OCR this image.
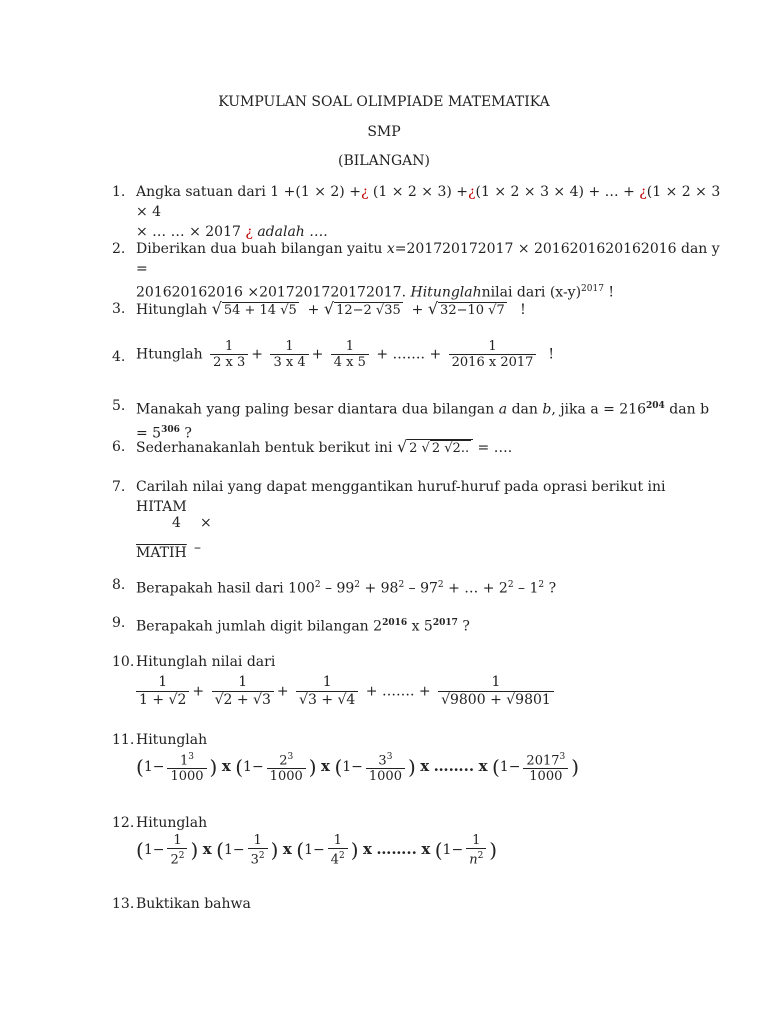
KUMPULAN SOAL OLIMPIADE MATEMATIKA
SMP
(BILANGAN)
1. Angka satuan dari 1 +(1 × 2) +¿ (1 × 2 × 3) +¿(1 × 2 × 3 × 4) + … + ¿(1 × 2 × 3 × 4
× … … × 2017 ¿ adalah ….
2. Diberikan dua buah bilangan yaitu x=201720172017 × 2016201620162016 dan y =
201620162016 ×2017201720172017. Hitunglahnilai dari $(x-y)^{2017}$ !
3. Hitunglah √ 54 + 14 √5  + √ 12−2 √35  + √ 32−10 √7 !
4. Htunglah $\frac{1}{2 x 3} + \frac{1}{3 x 4} + \frac{1}{4 x 5}$ + ……. + $\frac{1}{2016 x 2017}$ !
5. Manakah yang paling besar diantara dua bilangan a dan b, jika $a = 216^{204}$ dan $b = 5^{306}$ ?
6. Sederhanakanlah bentuk berikut ini √ 2 √ 2 √2.. = ….
7. Carilah nilai yang dapat menggantikan huruf-huruf pada oprasi berikut ini
HITAM
4 ×
MATIH –
8. Berapakah hasil dari $100^2 - 99^2 + 98^2 - 97^2$ + … + $2^2 - 1^2$ ?
9. Berapakah jumlah digit bilangan $2^{2016}$ x $5^{2017}$ ?
10. Hitunglah nilai dari

$\frac{1}{1 + √2} + \frac{1}{√2 + √3} + \frac{1}{√3 + √4}$ + ……. + $\frac{1}{√9800 + √9801}$
11. Hitunglah

($1- \frac{1^3}{1000}$ ) x ($1- \frac{2^3}{1000}$ ) x ($1- \frac{3^3}{1000}$ ) x …….. x ($1- \frac{2017^3}{1000}$ )
12. Hitunglah

($1- \frac{1}{2^2}$ ) x ($1- \frac{1}{3^2}$ ) x ($1- \frac{1}{4^2}$ ) x …….. x ($1- \frac{1}{n^2}$ )
13. Buktikan bahwa
